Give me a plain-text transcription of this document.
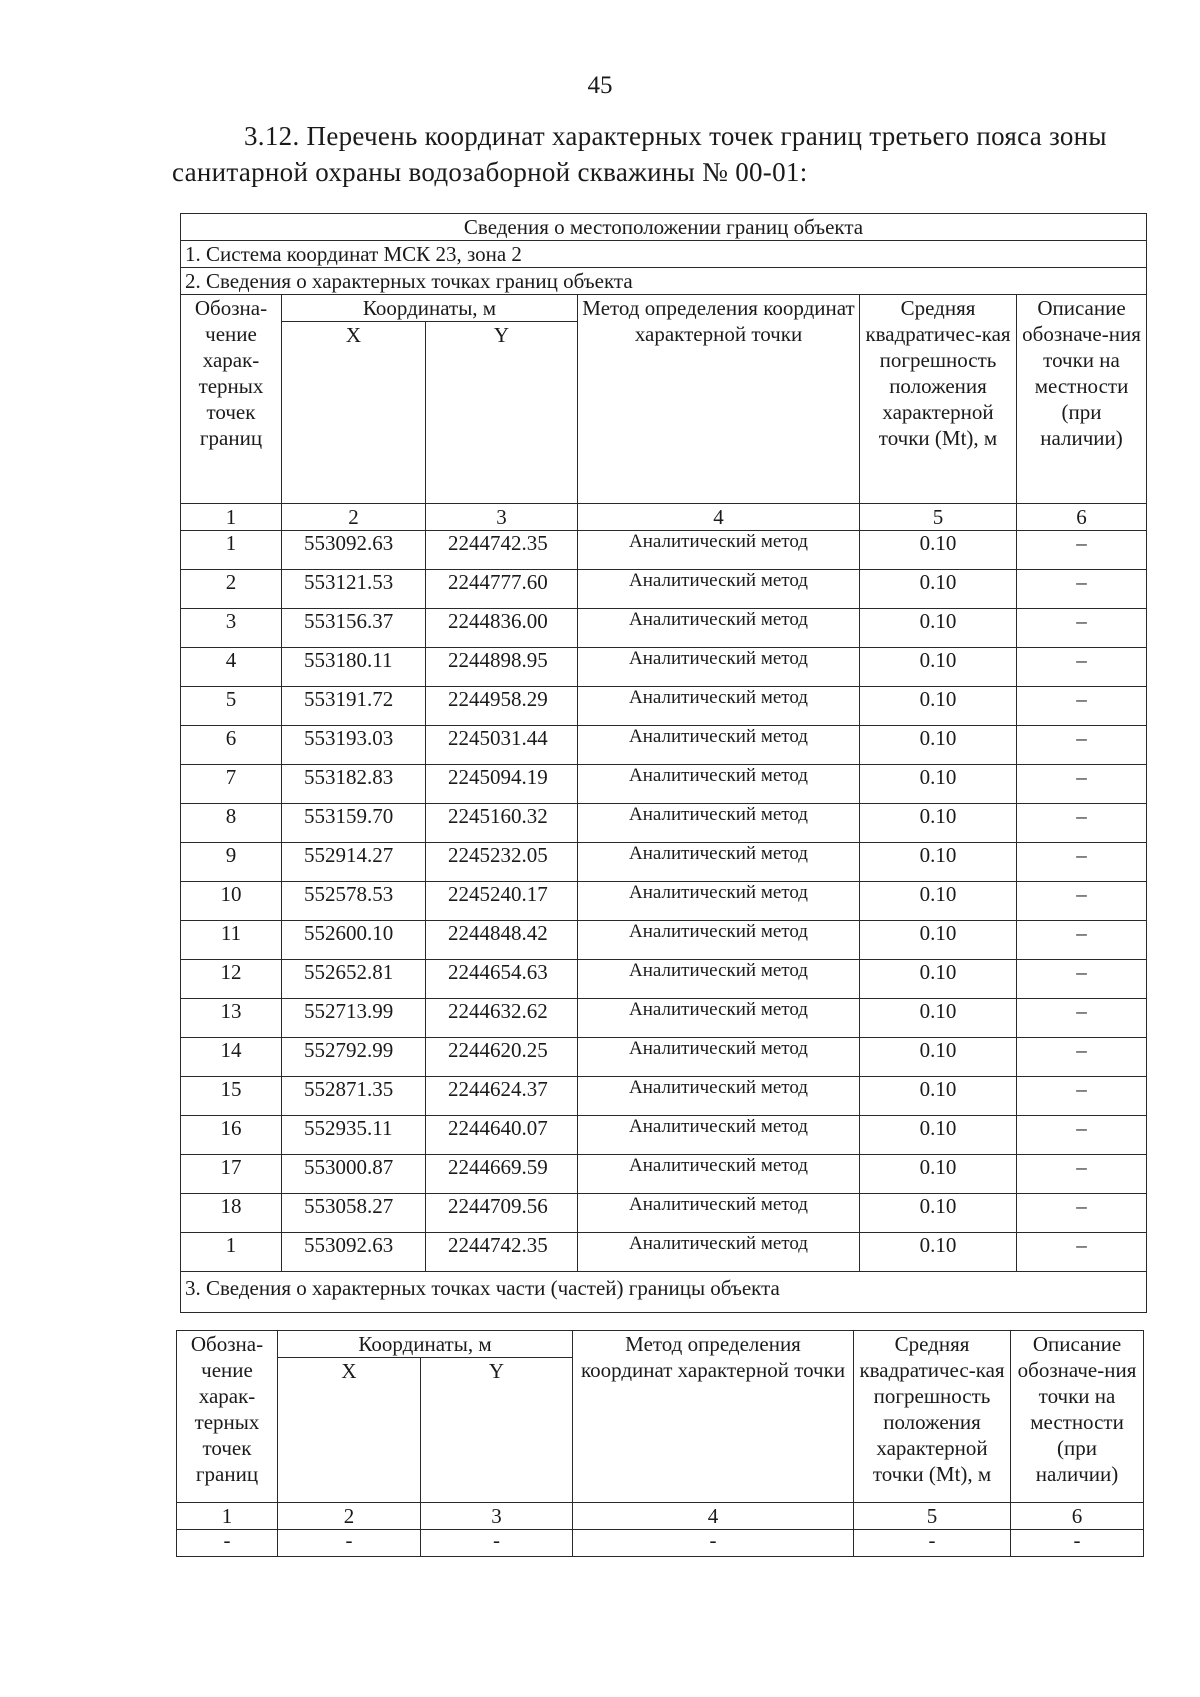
45
3.12. Перечень координат характерных точек границ третьего пояса зоны санитарной охраны водозаборной скважины № 00-01:
Сведения о местоположении границ объекта					
1. Система координат МСК 23, зона 2					
2. Сведения о характерных точках границ объекта					
Обозна-чение харак-терных точек границ	Координаты, м		Метод определения координат характерной точки	Средняя квадратичес-кая погрешность положения характерной точки (Mt), м	Описание обозначе-ния точки на местности (при наличии)
	X	Y			
1	2	3	4	5	6
1	553092.63	2244742.35	Аналитический метод	0.10	–
2	553121.53	2244777.60	Аналитический метод	0.10	–
3	553156.37	2244836.00	Аналитический метод	0.10	–
4	553180.11	2244898.95	Аналитический метод	0.10	–
5	553191.72	2244958.29	Аналитический метод	0.10	–
6	553193.03	2245031.44	Аналитический метод	0.10	–
7	553182.83	2245094.19	Аналитический метод	0.10	–
8	553159.70	2245160.32	Аналитический метод	0.10	–
9	552914.27	2245232.05	Аналитический метод	0.10	–
10	552578.53	2245240.17	Аналитический метод	0.10	–
11	552600.10	2244848.42	Аналитический метод	0.10	–
12	552652.81	2244654.63	Аналитический метод	0.10	–
13	552713.99	2244632.62	Аналитический метод	0.10	–
14	552792.99	2244620.25	Аналитический метод	0.10	–
15	552871.35	2244624.37	Аналитический метод	0.10	–
16	552935.11	2244640.07	Аналитический метод	0.10	–
17	553000.87	2244669.59	Аналитический метод	0.10	–
18	553058.27	2244709.56	Аналитический метод	0.10	–
1	553092.63	2244742.35	Аналитический метод	0.10	–
3. Сведения о характерных точках части (частей) границы объекта					
Обозна-чение харак-терных точек границ	Координаты, м		Метод определения координат характерной точки	Средняя квадратичес-кая погрешность положения характерной точки (Mt), м	Описание обозначе-ния точки на местности (при наличии)
	X	Y			
1	2	3	4	5	6
-	-	-	-	-	-
